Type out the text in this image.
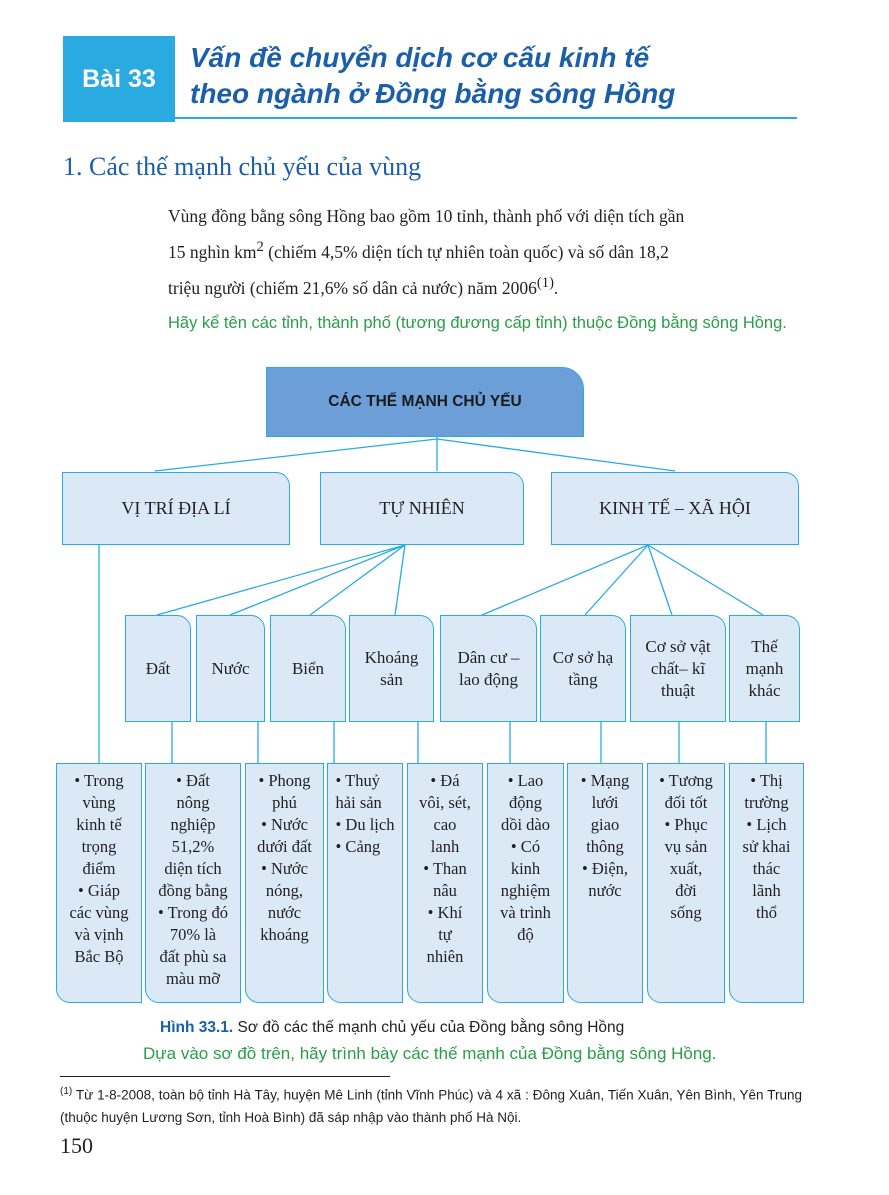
Bài 33
Vấn đề chuyển dịch cơ cấu kinh tế
theo ngành ở Đồng bằng sông Hồng
1. Các thế mạnh chủ yếu của vùng
Vùng đồng bằng sông Hồng bao gồm 10 tỉnh, thành phố với diện tích gần
15 nghìn $km^2$ (chiếm 4,5% diện tích tự nhiên toàn quốc) và số dân 18,2
triệu người (chiếm 21,6% số dân cả nước) năm 2006$^{(1)}$.
Hãy kể tên các tỉnh, thành phố (tương đương cấp tỉnh) thuộc Đồng bằng sông Hồng.
CÁC THẾ MẠNH CHỦ YẾU
VỊ TRÍ ĐỊA LÍ	TỰ NHIÊN	KINH TẾ – XÃ HỘI
Đất Nước Biển
Khoáng sản
Dân cư – lao động
Cơ sở hạ tầng
Cơ sở vật chất– kĩ thuật
Thế mạnh khác
• Trong
vùng
kinh tế
trọng
điểm
• Giáp
các vùng
và vịnh
Bắc Bộ
• Đất
nông
nghiệp
51,2%
diện tích
đồng bằng
• Trong đó
70% là
đất phù sa
màu mỡ
• Phong
phú
• Nước
dưới đất
• Nước
nóng,
nước
khoáng
• Thuỷ
hải sản
• Du lịch
• Cảng
• Đá
vôi, sét,
cao
lanh
• Than
nâu
• Khí
tự
nhiên
• Lao
động
dồi dào
• Có
kinh
nghiệm
và trình
độ
• Mạng
lưới
giao
thông
• Điện,
nước
• Tương
đối tốt
• Phục
vụ sản
xuất,
đời
sống
• Thị
trường
• Lịch
sử khai
thác
lãnh
thổ
Hình 33.1. Sơ đồ các thế mạnh chủ yếu của Đồng bằng sông Hồng
Dựa vào sơ đồ trên, hãy trình bày các thế mạnh của Đồng bằng sông Hồng.
$^{(1)}$ Từ 1-8-2008, toàn bộ tỉnh Hà Tây, huyện Mê Linh (tỉnh Vĩnh Phúc) và 4 xã : Đông Xuân, Tiến Xuân, Yên Bình, Yên Trung (thuộc huyện Lương Sơn, tỉnh Hoà Bình) đã sáp nhập vào thành phố Hà Nội.
150
